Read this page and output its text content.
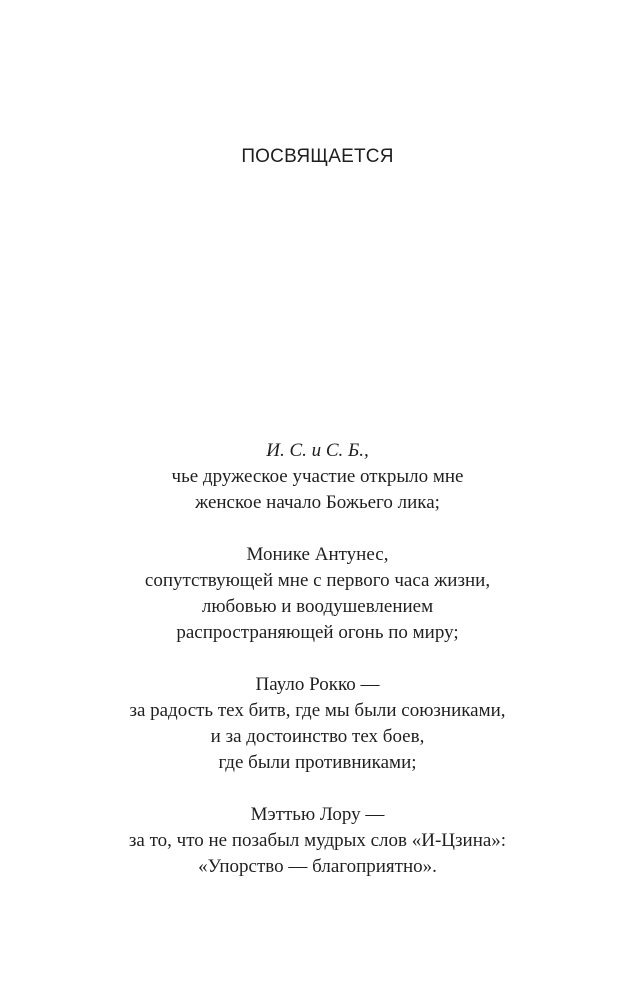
ПОСВЯЩАЕТСЯ

И. С. и С. Б.,
чье дружеское участие открыло мне
женское начало Божьего лика;

Монике Антунес,
сопутствующей мне с первого часа жизни,
любовью и воодушевлением
распространяющей огонь по миру;

Пауло Рокко —
за радость тех битв, где мы были союзниками,
и за достоинство тех боев,
где были противниками;

Мэттью Лору —
за то, что не позабыл мудрых слов «И-Цзина»:
«Упорство — благоприятно».
